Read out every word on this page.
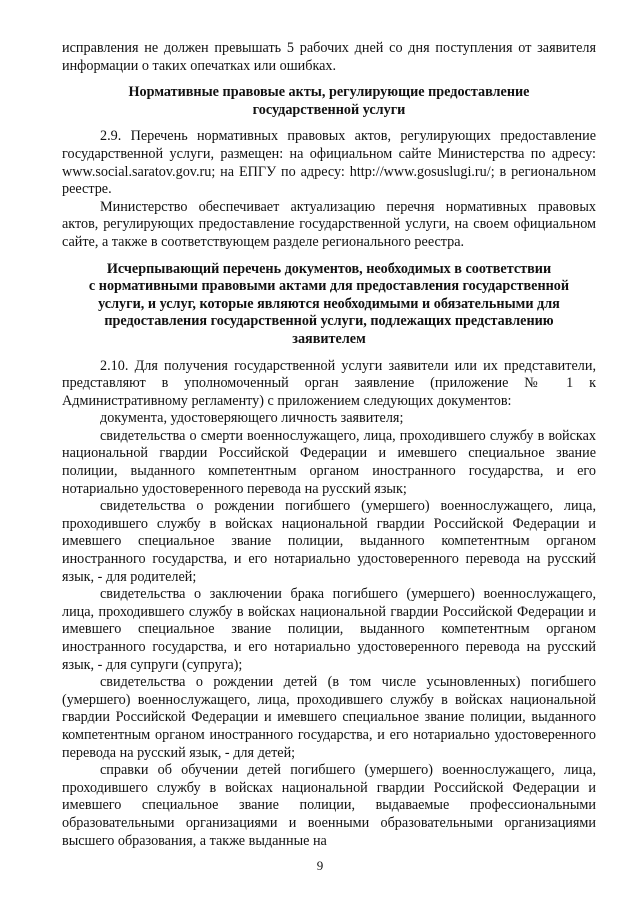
исправления не должен превышать 5 рабочих дней со дня поступления от заявителя информации о таких опечатках или ошибках.

Нормативные правовые акты, регулирующие предоставление
государственной услуги

2.9. Перечень нормативных правовых актов, регулирующих предоставление государственной услуги, размещен: на официальном сайте Министерства по адресу: www.social.saratov.gov.ru; на ЕПГУ по адресу: http://www.gosuslugi.ru/; в региональном реестре.

Министерство обеспечивает актуализацию перечня нормативных правовых актов, регулирующих предоставление государственной услуги, на своем официальном сайте, а также в соответствующем разделе регионального реестра.

Исчерпывающий перечень документов, необходимых в соответствии
с нормативными правовыми актами для предоставления государственной
услуги, и услуг, которые являются необходимыми и обязательными для
предоставления государственной услуги, подлежащих представлению
заявителем

2.10. Для получения государственной услуги заявители или их представители, представляют в уполномоченный орган заявление (приложение № 1 к Административному регламенту) с приложением следующих документов:

документа, удостоверяющего личность заявителя;

свидетельства о смерти военнослужащего, лица, проходившего службу в войсках национальной гвардии Российской Федерации и имевшего специальное звание полиции, выданного компетентным органом иностранного государства, и его нотариально удостоверенного перевода на русский язык;

свидетельства о рождении погибшего (умершего) военнослужащего, лица, проходившего службу в войсках национальной гвардии Российской Федерации и имевшего специальное звание полиции, выданного компетентным органом иностранного государства, и его нотариально удостоверенного перевода на русский язык, - для родителей;

свидетельства о заключении брака погибшего (умершего) военнослужащего, лица, проходившего службу в войсках национальной гвардии Российской Федерации и имевшего специальное звание полиции, выданного компетентным органом иностранного государства, и его нотариально удостоверенного перевода на русский язык, - для супруги (супруга);

свидетельства о рождении детей (в том числе усыновленных) погибшего (умершего) военнослужащего, лица, проходившего службу в войсках национальной гвардии Российской Федерации и имевшего специальное звание полиции, выданного компетентным органом иностранного государства, и его нотариально удостоверенного перевода на русский язык, - для детей;

справки об обучении детей погибшего (умершего) военнослужащего, лица, проходившего службу в войсках национальной гвардии Российской Федерации и имевшего специальное звание полиции, выдаваемые профессиональными образовательными организациями и военными образовательными организациями высшего образования, а также выданные на

9
